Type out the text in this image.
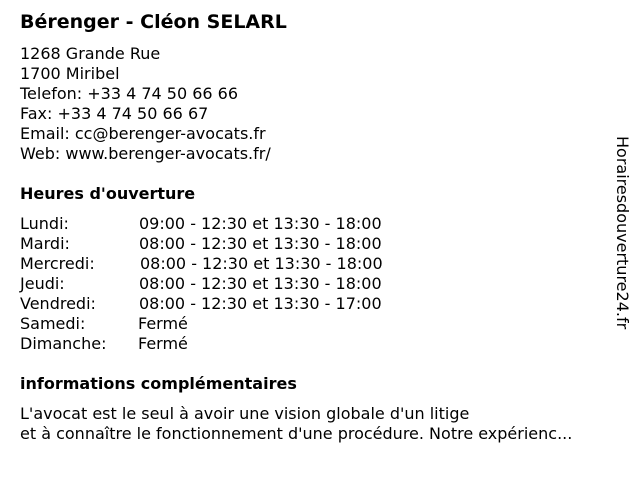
Bérenger - Cléon SELARL
1268 Grande Rue
1700 Miribel
Telefon: +33 4 74 50 66 66
Fax: +33 4 74 50 66 67
Email: cc@berenger-avocats.fr
Web: www.berenger-avocats.fr/
Heures d'ouverture
Lundi:	09:00 - 12:30 et 13:30 - 18:00
Mardi:	08:00 - 12:30 et 13:30 - 18:00
Mercredi:	08:00 - 12:30 et 13:30 - 18:00
Jeudi:	08:00 - 12:30 et 13:30 - 18:00
Vendredi:	08:00 - 12:30 et 13:30 - 17:00
Samedi:	Fermé
Dimanche: Fermé
informations complémentaires
L'avocat est le seul à avoir une vision globale d'un litige
et à connaître le fonctionnement d'une procédure. Notre expérienc...
Horairesdouverture24.fr
